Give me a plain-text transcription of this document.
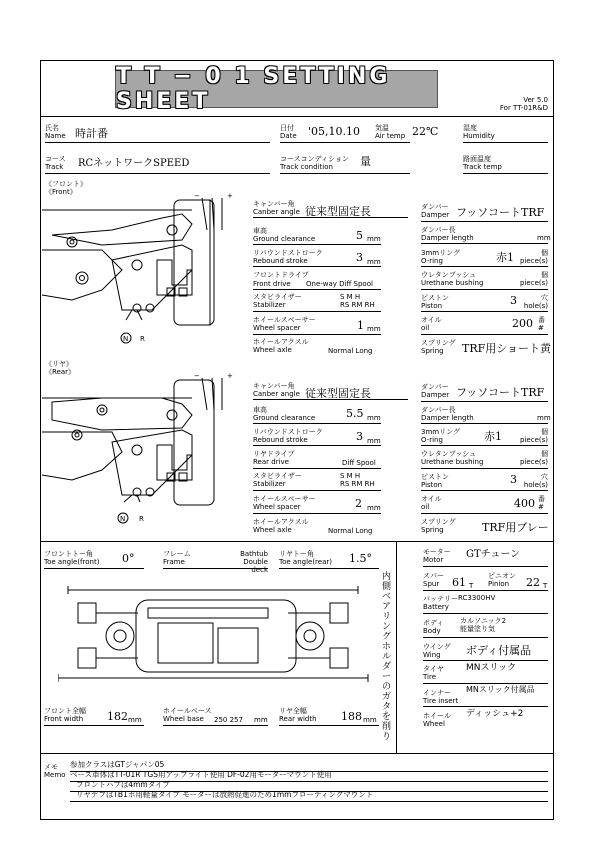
T T − 0 1 SETTING SHEET	Ver 5.0
For TT-01R&D
氏名
Name 時計番	日付
Date '05,10.10 気温
Air temp 22℃	湿度
Humidity
コース
Track RCネットワークSPEED	コースコンディション
Track condition	量	路面温度
Track temp
《フロント》
《Front》	−	+
N R
キャンバー角
Canber angle 従来型固定長
車高
Ground clearance	5 mm
リバウンドストローク
Rebound stroke	3 mm
フロントドライブ
Front drive One-way Diff Spool
スタビライザー
Stabilizer
S M H
RS RM RH
ホイールスペーサー
Wheel spacer	1 mm
ホイールアクスル
Wheel axle	Normal Long
ダンパー
Damper フッソコートTRF
ダンパー長
Damper length	mm
3mmリング
O-ring	赤1	個
piece(s)
ウレタンブッシュ
Urethane bushing
個
piece(s)
ピストン
Piston	3	穴
hole(s)
オイル
oil	200 番
#
スプリング
Spring	TRF用ショート黄
《リヤ》
《Rear》	−	+
N R
キャンバー角
Canber angle 従来型固定長
車高
Ground clearance	5.5 mm
リバウンドストローク
Rebound stroke	3 mm
リヤドライブ
Rear drive	Diff Spool
スタビライザー
Stabilizer
S M H
RS RM RH
ホイールスペーサー
Wheel spacer	2 mm
ホイールアクスル
Wheel axle	Normal Long
ダンパー
Damper フッソコートTRF
ダンパー長
Damper length	mm
3mmリング
O-ring	赤1	個
piece(s)
ウレタンブッシュ
Urethane bushing
個
piece(s)
ピストン
Piston	3	穴
hole(s)
オイル
oil	400 番
#
スプリング
Spring	TRF用ブレー
フロントトー角
Toe angle(front) 0°	フレーム
Frame
Bathtub
Double deck
リヤトー角
Toe angle(rear) 1.5°
内側ベアリングホルダーのガタを削り
フロント全幅
Front width 182 mm
ホイールベース
Wheel base	250 257 mm
リヤ全幅
Rear width 188 mm
モーター
Motor	GTチューン
スパー
Spur	61 T
ピニオン
Pinion	22 T
バッテリー
Battery
RC3300HV
ボディ
Body
カルソニック2
能量塗り気
ウイング
Wing	ボディ付属品
タイヤ
Tire
MNスリック
インナー
Tire insert
MNスリック付属品
ホイール
Wheel
ディッシュ+2
メモ
Memo
参加クラスはGTジャパン05
ベース車体はTT-01R TGS用アップライト使用 DF-02用モーターマウント使用
フロントハブは4mmタイプ
リヤデフはTB1ボ用軽量タイプ モーターは放熱促進のため1mmフローティングマウント
